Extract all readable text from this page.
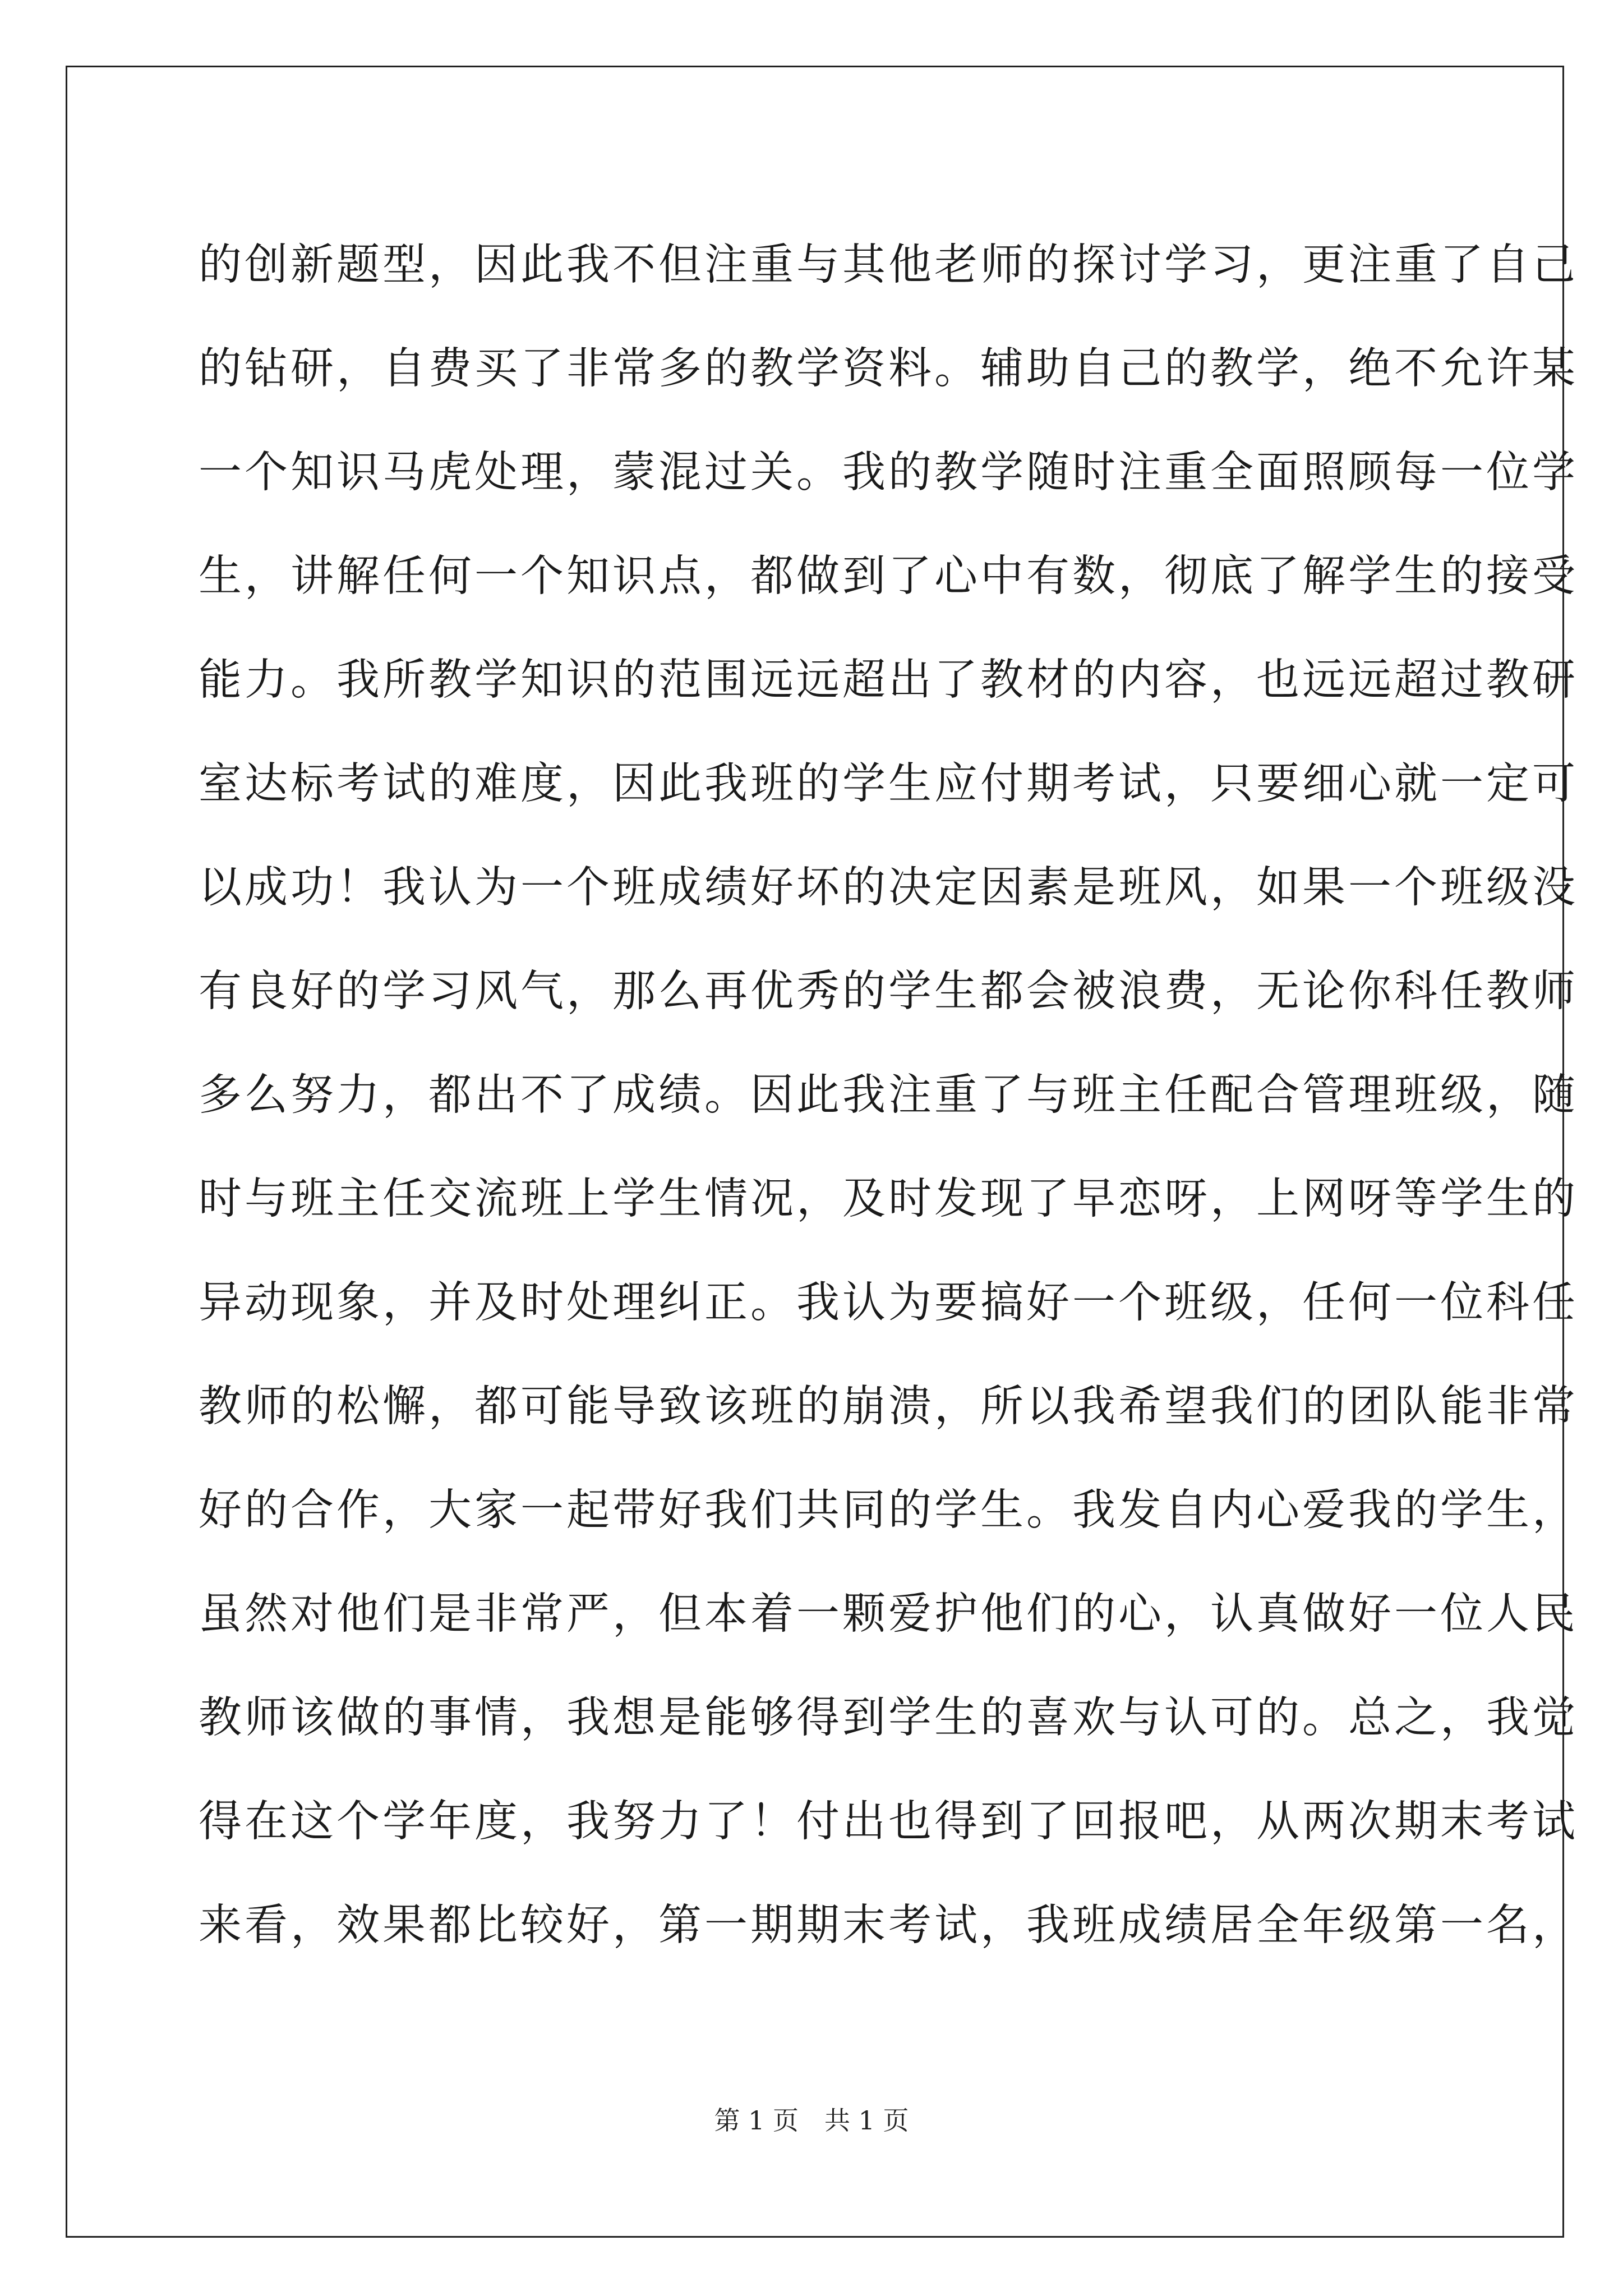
的创新题型，因此我不但注重与其他老师的探讨学习，更注重了自己
的钻研，自费买了非常多的教学资料。辅助自己的教学，绝不允许某
一个知识马虎处理，蒙混过关。我的教学随时注重全面照顾每一位学
生，讲解任何一个知识点，都做到了心中有数，彻底了解学生的接受
能力。我所教学知识的范围远远超出了教材的内容，也远远超过教研
室达标考试的难度，因此我班的学生应付期考试，只要细心就一定可
以成功！我认为一个班成绩好坏的决定因素是班风，如果一个班级没
有良好的学习风气，那么再优秀的学生都会被浪费，无论你科任教师
多么努力，都出不了成绩。因此我注重了与班主任配合管理班级，随
时与班主任交流班上学生情况，及时发现了早恋呀，上网呀等学生的
异动现象，并及时处理纠正。我认为要搞好一个班级，任何一位科任
教师的松懈，都可能导致该班的崩溃，所以我希望我们的团队能非常
好的合作，大家一起带好我们共同的学生。我发自内心爱我的学生，
虽然对他们是非常严，但本着一颗爱护他们的心，认真做好一位人民
教师该做的事情，我想是能够得到学生的喜欢与认可的。总之，我觉
得在这个学年度，我努力了！付出也得到了回报吧，从两次期末考试
来看，效果都比较好，第一期期末考试，我班成绩居全年级第一名，
第 1 页　共 1 页
